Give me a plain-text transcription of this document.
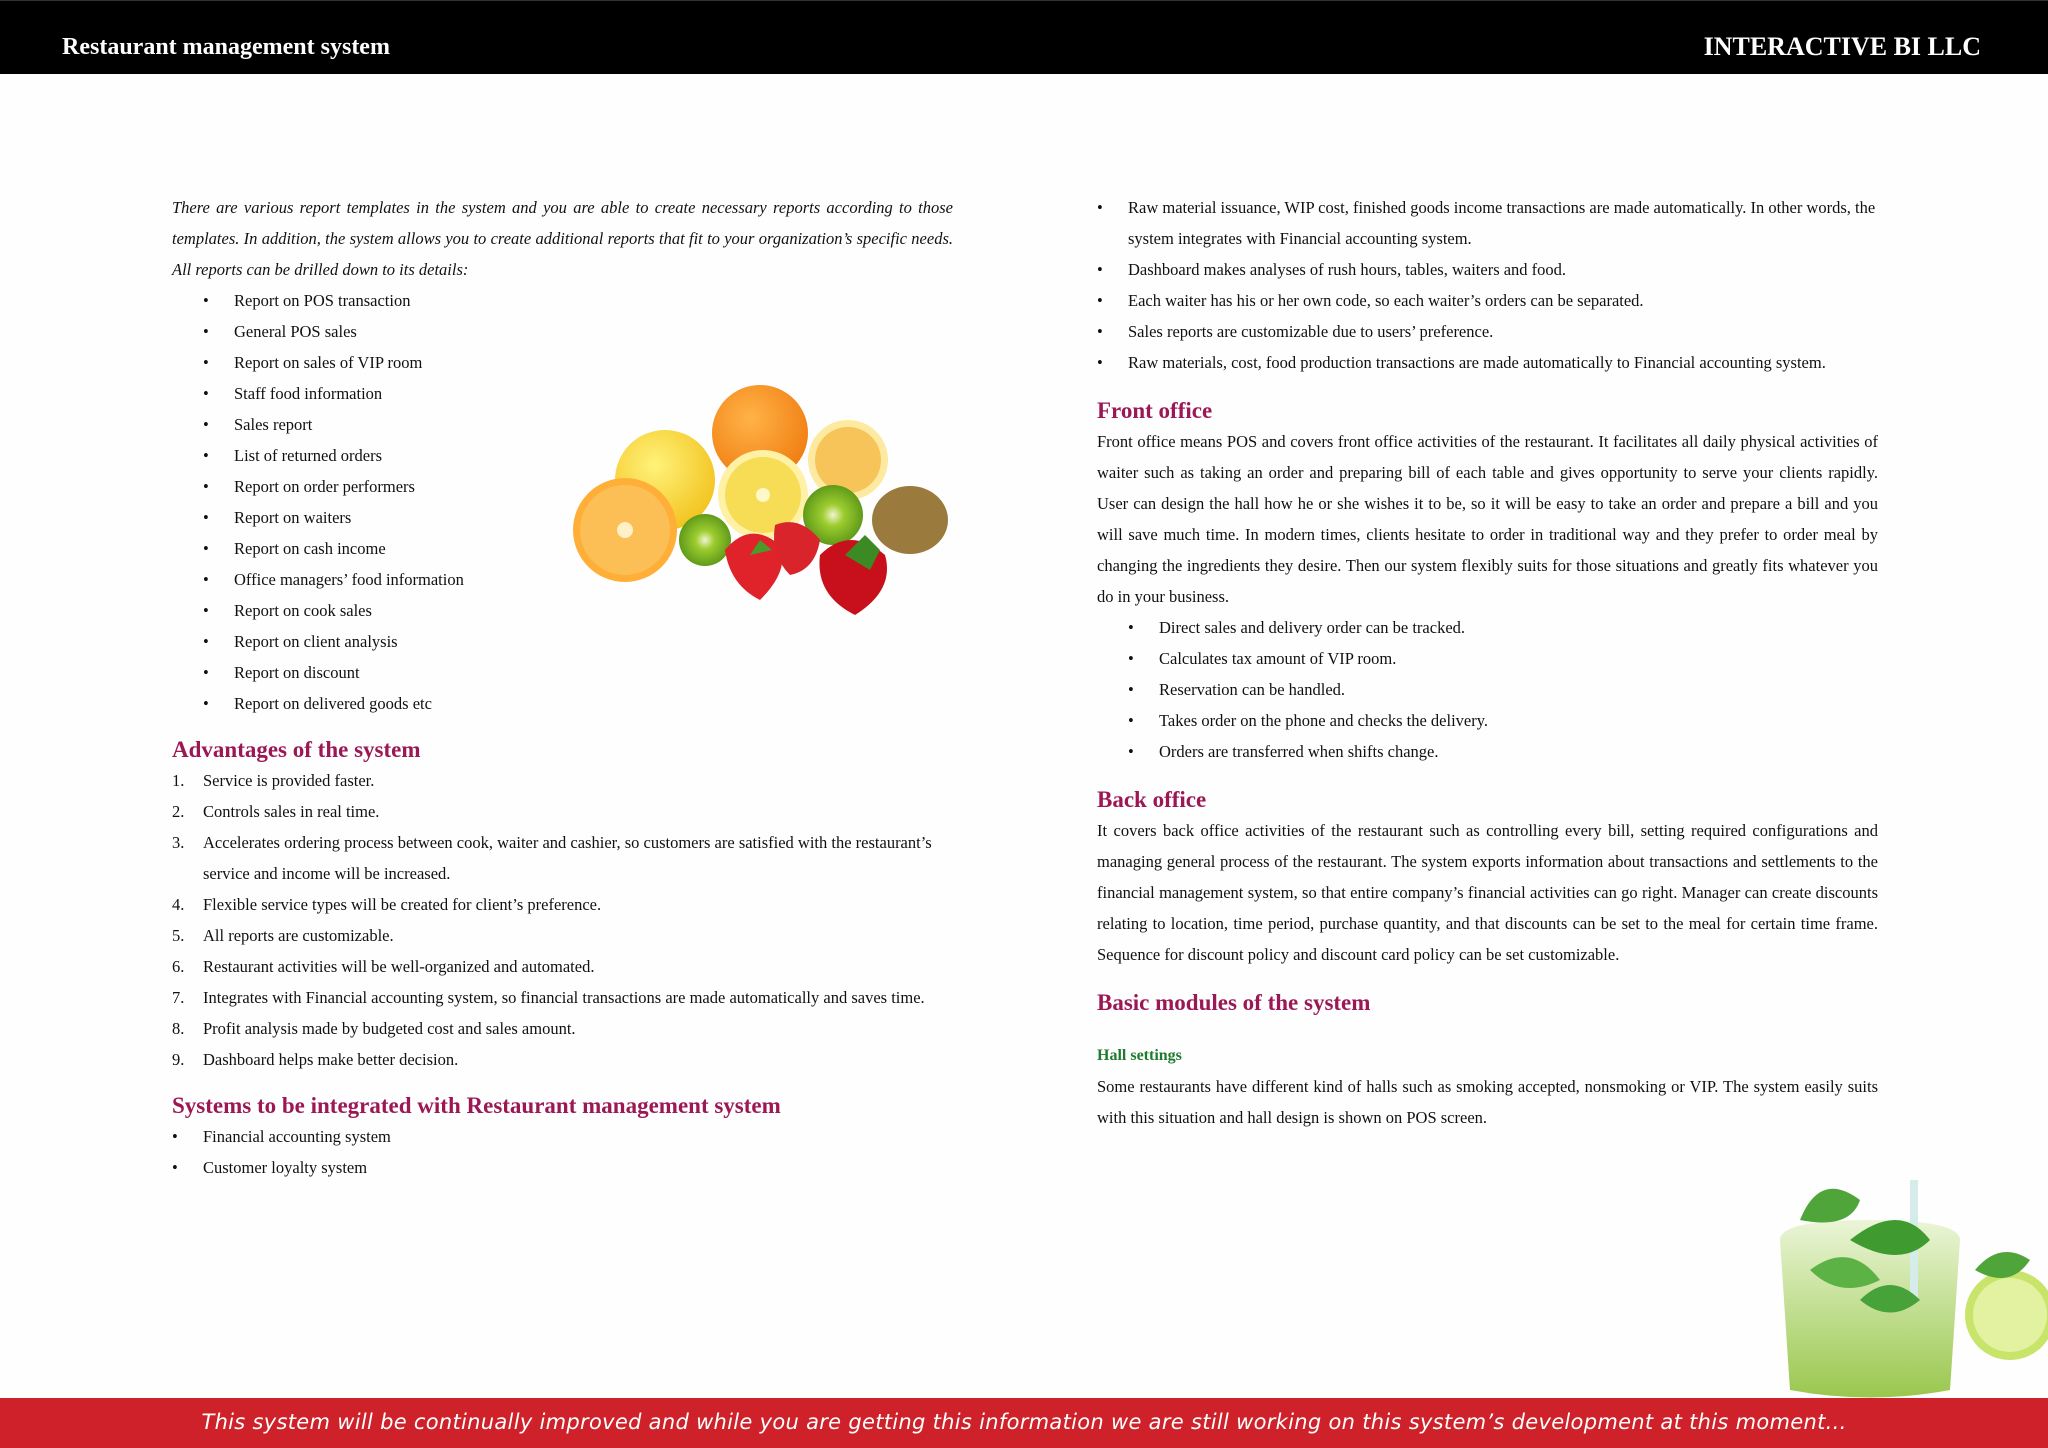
Restaurant management system	INTERACTIVE BI LLC

There are various report templates in the system and you are able to create necessary reports according to those templates. In addition, the system allows you to create additional reports that fit to your organization’s specific needs. All reports can be drilled down to its details:

• Report on POS transaction
• General POS sales
• Report on sales of VIP room
• Staff food information
• Sales report
• List of returned orders
• Report on order performers
• Report on waiters
• Report on cash income
• Office managers’ food information
• Report on cook sales
• Report on client analysis
• Report on discount
• Report on delivered goods etc
Advantages of the system
1. Service is provided faster.
2. Controls sales in real time.
3. Accelerates ordering process between cook, waiter and cashier, so customers are satisfied with the restaurant’s service and income will be increased.
4. Flexible service types will be created for client’s preference.
5. All reports are customizable.
6. Restaurant activities will be well-organized and automated.
7. Integrates with Financial accounting system, so financial transactions are made automatically and saves time.
8. Profit analysis made by budgeted cost and sales amount.
9. Dashboard helps make better decision.
Systems to be integrated with Restaurant management system
• Financial accounting system
• Customer loyalty system
• Raw material issuance, WIP cost, finished goods income transactions are made automatically. In other words, the system integrates with Financial accounting system.
• Dashboard makes analyses of rush hours, tables, waiters and food.
• Each waiter has his or her own code, so each waiter’s orders can be separated.
• Sales reports are customizable due to users’ preference.
• Raw materials, cost, food production transactions are made automatically to Financial accounting system.
Front office

Front office means POS and covers front office activities of the restaurant. It facilitates all daily physical activities of waiter such as taking an order and preparing bill of each table and gives opportunity to serve your clients rapidly. User can design the hall how he or she wishes it to be, so it will be easy to take an order and prepare a bill and you will save much time. In modern times, clients hesitate to order in traditional way and they prefer to order meal by changing the ingredients they desire. Then our system flexibly suits for those situations and greatly fits whatever you do in your business.

• Direct sales and delivery order can be tracked.
• Calculates tax amount of VIP room.
• Reservation can be handled.
• Takes order on the phone and checks the delivery.
• Orders are transferred when shifts change.
Back office

It covers back office activities of the restaurant such as controlling every bill, setting required configurations and managing general process of the restaurant. The system exports information about transactions and settlements to the financial management system, so that entire company’s financial activities can go right. Manager can create discounts relating to location, time period, purchase quantity, and that discounts can be set to the meal for certain time frame. Sequence for discount policy and discount card policy can be set customizable.

Basic modules of the system
Hall settings

Some restaurants have different kind of halls such as smoking accepted, nonsmoking or VIP. The system easily suits with this situation and hall design is shown on POS screen.

This system will be continually improved and while you are getting this information we are still working on this system’s development at this moment...
